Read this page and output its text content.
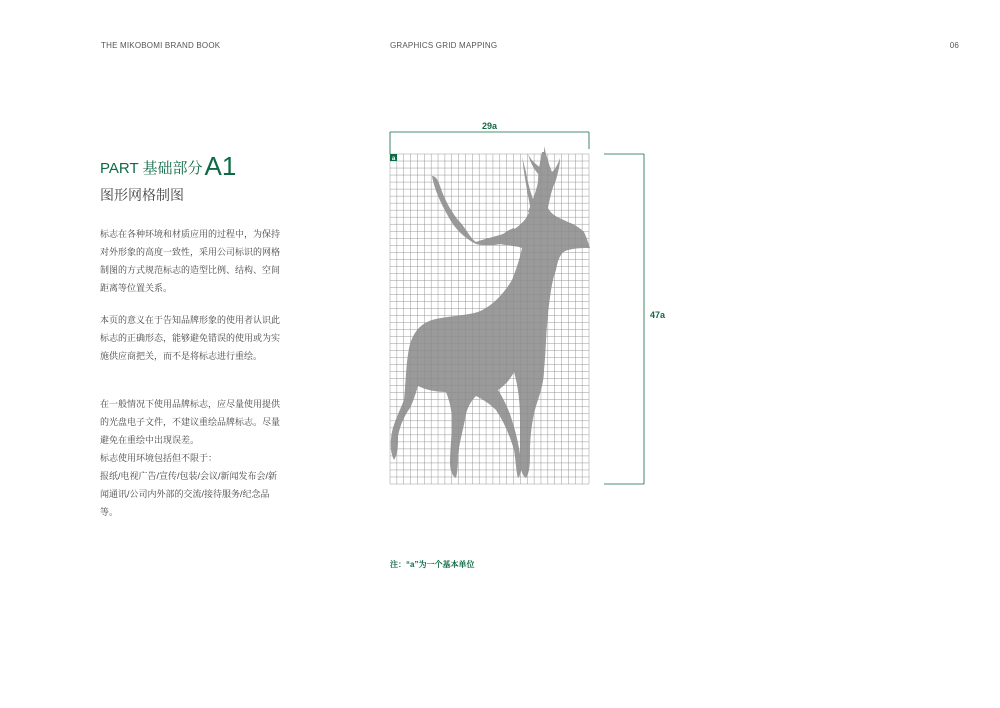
THE MIKOBOMI BRAND BOOK	GRAPHICS GRID MAPPING	06
PART 基础部分A1
图形网格制图

标志在各种环境和材质应用的过程中，为保持对外形象的高度一致性，采用公司标识的网格制图的方式规范标志的造型比例、结构、空间距离等位置关系。

本页的意义在于告知品牌形象的使用者认识此标志的正确形态，能够避免错误的使用或为实施供应商把关，而不是将标志进行重绘。

在一般情况下使用品牌标志，应尽量使用提供的光盘电子文件，不建议重绘品牌标志。尽量避免在重绘中出现误差。
标志使用环境包括但不限于：
报纸/电视广告/宣传/包装/会议/新闻发布会/新闻通讯/公司内外部的交流/接待服务/纪念品等。
29a
47a
a
注：“a”为一个基本单位
